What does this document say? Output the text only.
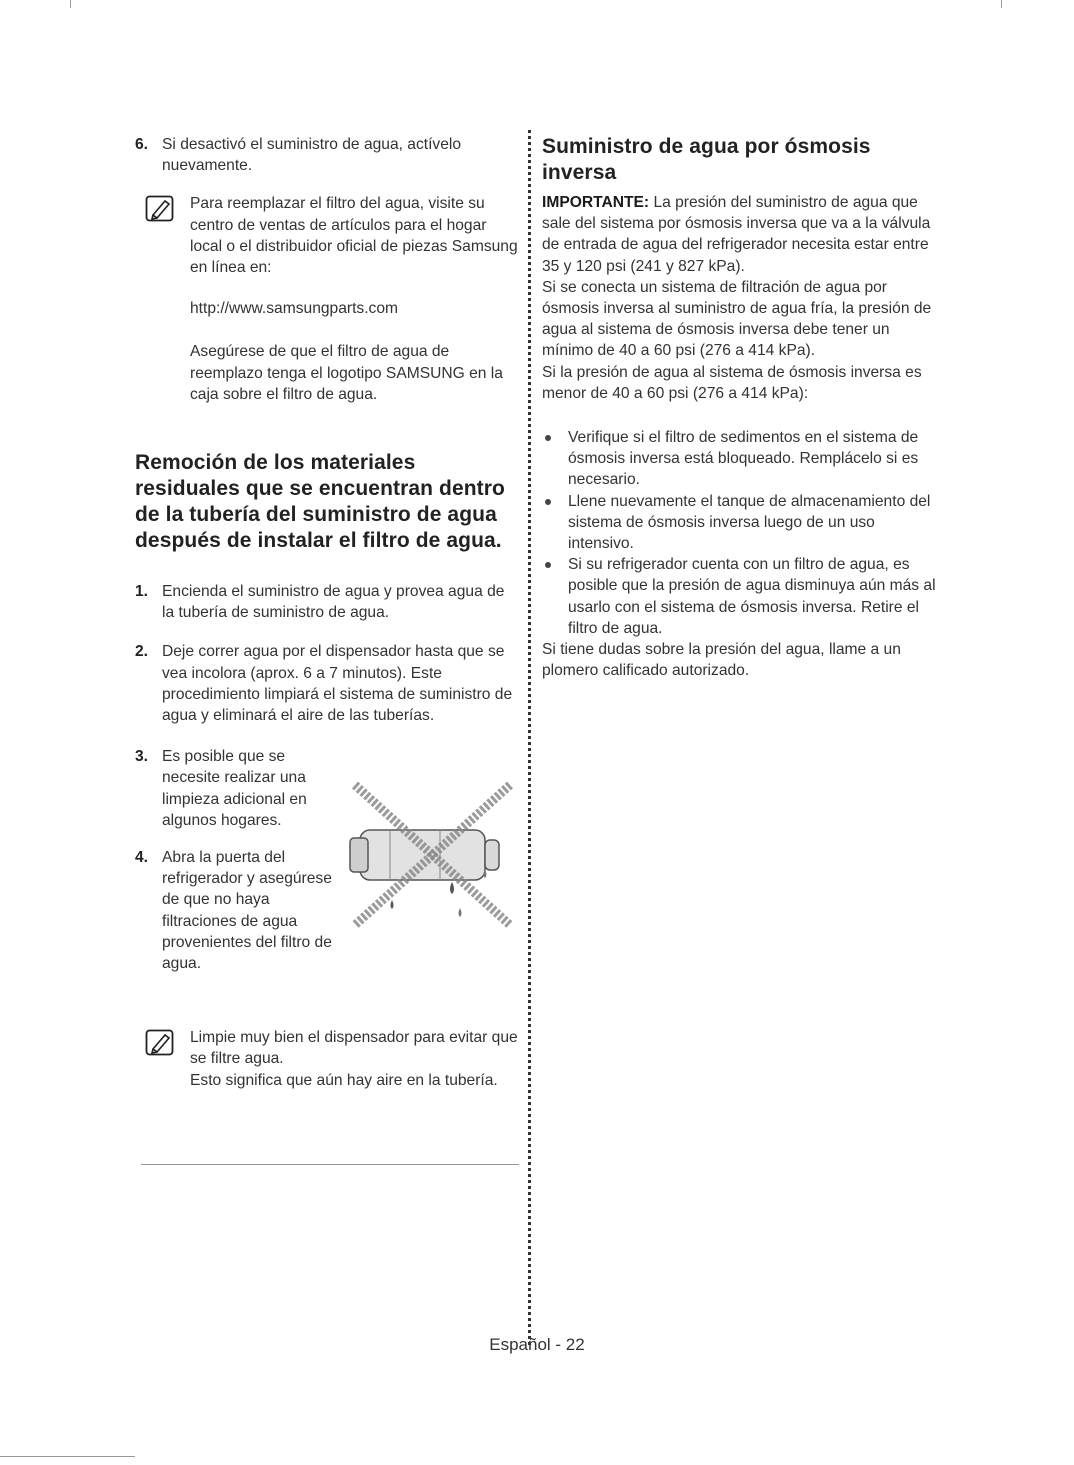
6. Si desactivó el suministro de agua, actívelo nuevamente.
Para reemplazar el filtro del agua, visite su centro de ventas de artículos para el hogar local o el distribuidor oficial de piezas Samsung en línea en:
http://www.samsungparts.com
Asegúrese de que el filtro de agua de reemplazo tenga el logotipo SAMSUNG en la caja sobre el filtro de agua.
Remoción de los materiales residuales que se encuentran dentro de la tubería del suministro de agua después de instalar el filtro de agua.
1. Encienda el suministro de agua y provea agua de la tubería de suministro de agua.
2. Deje correr agua por el dispensador hasta que se vea incolora (aprox. 6 a 7 minutos). Este procedimiento limpiará el sistema de suministro de agua y eliminará el aire de las tuberías.
3. Es posible que se necesite realizar una limpieza adicional en algunos hogares.
4. Abra la puerta del refrigerador y asegúrese de que no haya filtraciones de agua provenientes del filtro de agua.
Limpie muy bien el dispensador para evitar que se filtre agua.
Esto significa que aún hay aire en la tubería.
Suministro de agua por ósmosis inversa

IMPORTANTE: La presión del suministro de agua que sale del sistema por ósmosis inversa que va a la válvula de entrada de agua del refrigerador necesita estar entre 35 y 120 psi (241 y 827 kPa).

Si se conecta un sistema de filtración de agua por ósmosis inversa al suministro de agua fría, la presión de agua al sistema de ósmosis inversa debe tener un mínimo de 40 a 60 psi (276 a 414 kPa).

Si la presión de agua al sistema de ósmosis inversa es menor de 40 a 60 psi (276 a 414 kPa):

Verifique si el filtro de sedimentos en el sistema de ósmosis inversa está bloqueado. Remplácelo si es necesario.
Llene nuevamente el tanque de almacenamiento del sistema de ósmosis inversa luego de un uso intensivo.
Si su refrigerador cuenta con un filtro de agua, es posible que la presión de agua disminuya aún más al usarlo con el sistema de ósmosis inversa. Retire el filtro de agua.

Si tiene dudas sobre la presión del agua, llame a un plomero calificado autorizado.

Español - 22
